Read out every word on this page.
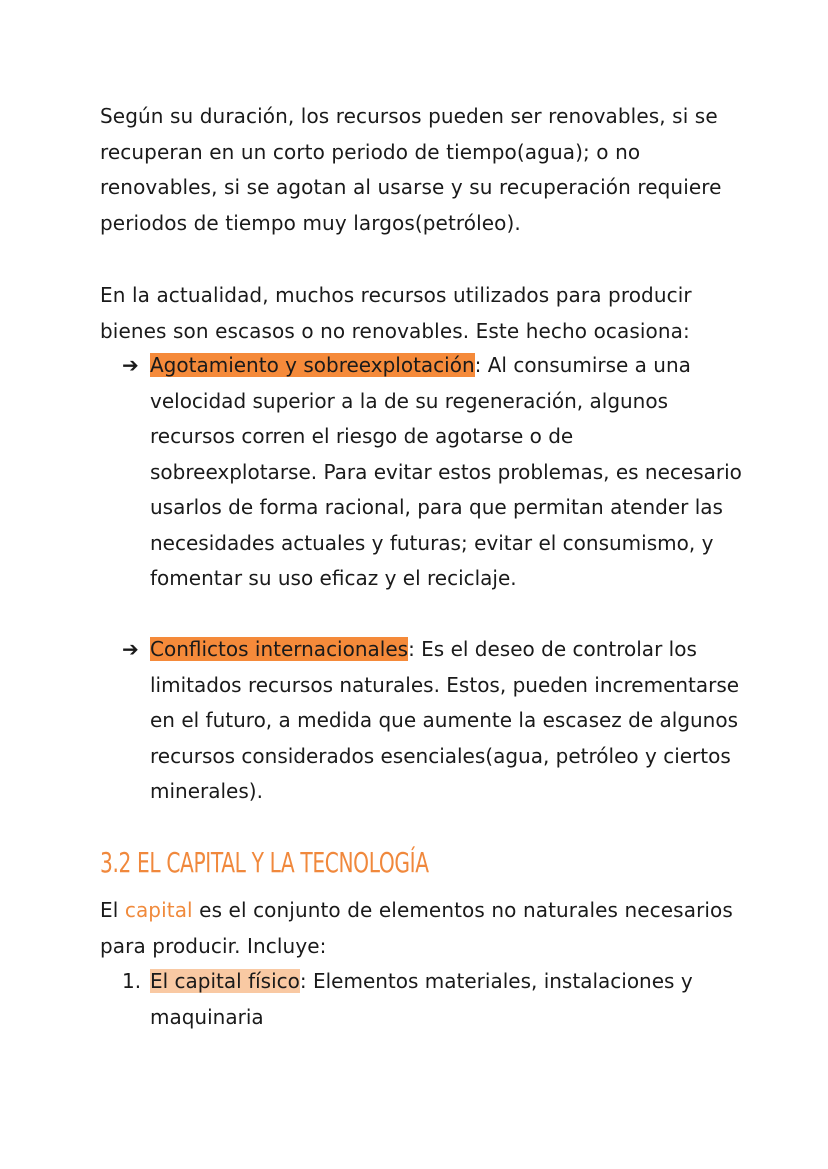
Según su duración, los recursos pueden ser renovables, si se recuperan en un corto periodo de tiempo(agua); o no renovables, si se agotan al usarse y su recuperación requiere periodos de tiempo muy largos(petróleo).

En la actualidad, muchos recursos utilizados para producir bienes son escasos o no renovables. Este hecho ocasiona:

➔ Agotamiento y sobreexplotación: Al consumirse a una velocidad superior a la de su regeneración, algunos recursos corren el riesgo de agotarse o de sobreexplotarse. Para evitar estos problemas, es necesario usarlos de forma racional, para que permitan atender las necesidades actuales y futuras; evitar el consumismo, y fomentar su uso eficaz y el reciclaje.
➔ Conflictos internacionales: Es el deseo de controlar los limitados recursos naturales. Estos, pueden incrementarse en el futuro, a medida que aumente la escasez de algunos recursos considerados esenciales(agua, petróleo y ciertos minerales).
3.2 EL CAPITAL Y LA TECNOLOGÍA

El capital es el conjunto de elementos no naturales necesarios para producir. Incluye:

1. El capital físico: Elementos materiales, instalaciones y maquinaria
